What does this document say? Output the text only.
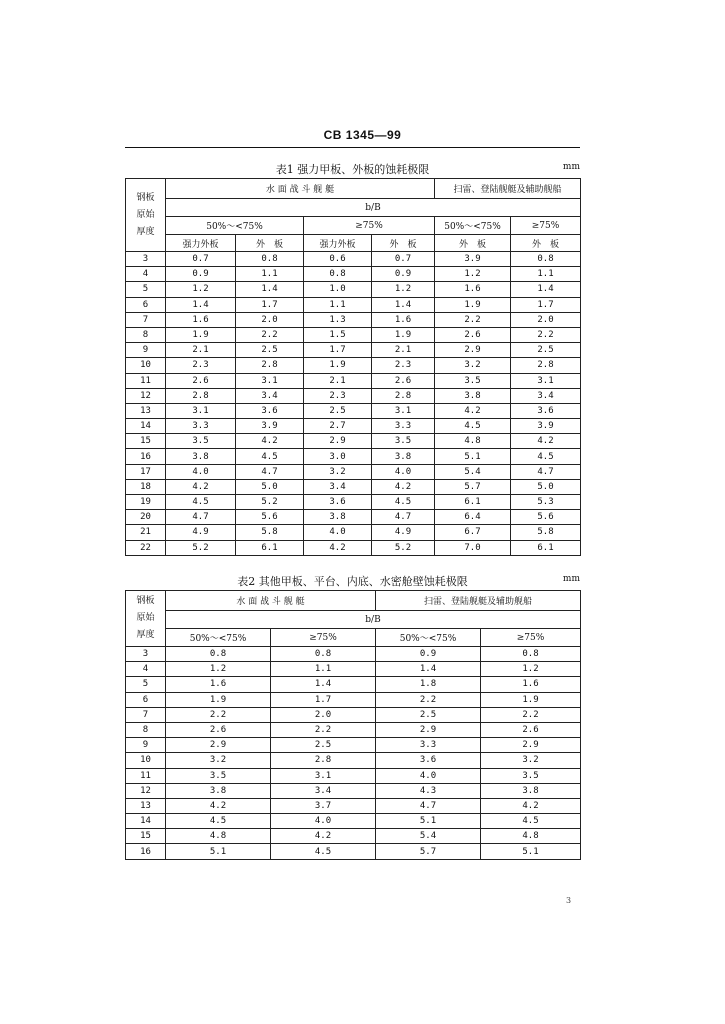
CB 1345—99
表1 强力甲板、外板的蚀耗极限	mm
钢板
原始
厚度	水 面 战 斗 舰 艇				扫雷、登陆舰艇及辅助舰船	
	b/B					
	50%～<75%		≥75%		50%～<75%	≥75%
	强力外板	外　板	强力外板	外　板	外　板	外　板
3	0.7	0.8	0.6	0.7	3.9	0.8
4	0.9	1.1	0.8	0.9	1.2	1.1
5	1.2	1.4	1.0	1.2	1.6	1.4
6	1.4	1.7	1.1	1.4	1.9	1.7
7	1.6	2.0	1.3	1.6	2.2	2.0
8	1.9	2.2	1.5	1.9	2.6	2.2
9	2.1	2.5	1.7	2.1	2.9	2.5
10	2.3	2.8	1.9	2.3	3.2	2.8
11	2.6	3.1	2.1	2.6	3.5	3.1
12	2.8	3.4	2.3	2.8	3.8	3.4
13	3.1	3.6	2.5	3.1	4.2	3.6
14	3.3	3.9	2.7	3.3	4.5	3.9
15	3.5	4.2	2.9	3.5	4.8	4.2
16	3.8	4.5	3.0	3.8	5.1	4.5
17	4.0	4.7	3.2	4.0	5.4	4.7
18	4.2	5.0	3.4	4.2	5.7	5.0
19	4.5	5.2	3.6	4.5	6.1	5.3
20	4.7	5.6	3.8	4.7	6.4	5.6
21	4.9	5.8	4.0	4.9	6.7	5.8
22	5.2	6.1	4.2	5.2	7.0	6.1
表2 其他甲板、平台、内底、水密舱壁蚀耗极限	mm
钢板
原始
厚度	水 面 战 斗 舰 艇		扫雷、登陆舰艇及辅助舰船	
	b/B			
	50%～<75%	≥75%	50%～<75%	≥75%
3	0.8	0.8	0.9	0.8
4	1.2	1.1	1.4	1.2
5	1.6	1.4	1.8	1.6
6	1.9	1.7	2.2	1.9
7	2.2	2.0	2.5	2.2
8	2.6	2.2	2.9	2.6
9	2.9	2.5	3.3	2.9
10	3.2	2.8	3.6	3.2
11	3.5	3.1	4.0	3.5
12	3.8	3.4	4.3	3.8
13	4.2	3.7	4.7	4.2
14	4.5	4.0	5.1	4.5
15	4.8	4.2	5.4	4.8
16	5.1	4.5	5.7	5.1
3
